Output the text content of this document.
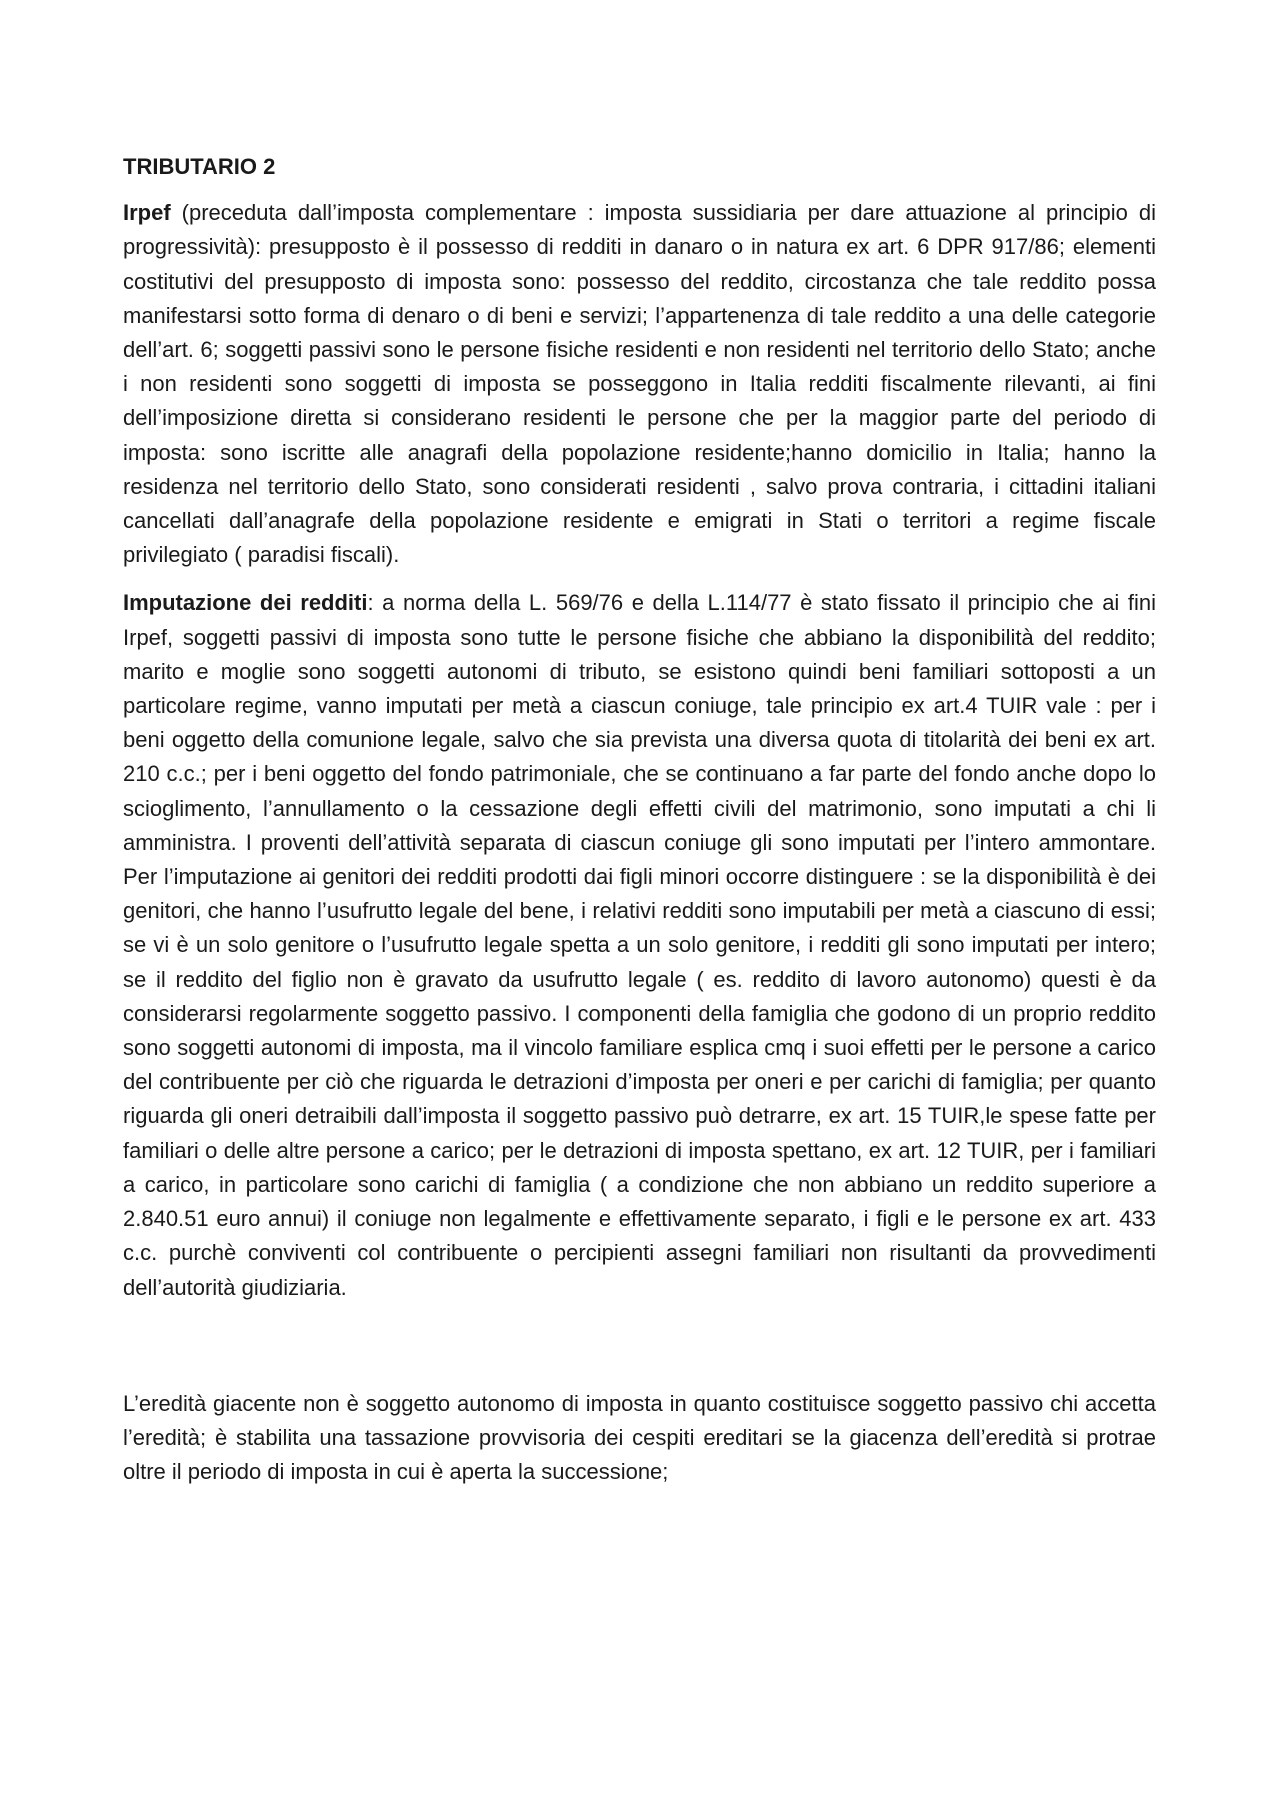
TRIBUTARIO 2

Irpef (preceduta dall’imposta complementare : imposta sussidiaria per dare attuazione al principio di progressività): presupposto è il possesso di redditi in danaro o in natura ex art. 6 DPR 917/86; elementi costitutivi del presupposto di imposta sono: possesso del reddito, circostanza che tale reddito possa manifestarsi sotto forma di denaro o di beni e servizi; l’appartenenza di tale reddito a una delle categorie dell’art. 6; soggetti passivi sono le persone fisiche residenti e non residenti nel territorio dello Stato; anche i non residenti sono soggetti di imposta se posseggono in Italia redditi fiscalmente rilevanti, ai fini dell’imposizione diretta si considerano residenti le persone che per la maggior parte del periodo di imposta: sono iscritte alle anagrafi della popolazione residente;hanno domicilio in Italia; hanno la residenza nel territorio dello Stato, sono considerati residenti , salvo prova contraria, i cittadini italiani cancellati dall’anagrafe della popolazione residente e emigrati in Stati o territori a regime fiscale privilegiato ( paradisi fiscali).

Imputazione dei redditi: a norma della L. 569/76 e della L.114/77 è stato fissato il principio che ai fini Irpef, soggetti passivi di imposta sono tutte le persone fisiche che abbiano la disponibilità del reddito; marito e moglie sono soggetti autonomi di tributo, se esistono quindi beni familiari sottoposti a un particolare regime, vanno imputati per metà a ciascun coniuge, tale principio ex art.4 TUIR vale : per i beni oggetto della comunione legale, salvo che sia prevista una diversa quota di titolarità dei beni ex art. 210 c.c.; per i beni oggetto del fondo patrimoniale, che se continuano a far parte del fondo anche dopo lo scioglimento, l’annullamento o la cessazione degli effetti civili del matrimonio, sono imputati a chi li amministra. I proventi dell’attività separata di ciascun coniuge gli sono imputati per l’intero ammontare. Per l’imputazione ai genitori dei redditi prodotti dai figli minori occorre distinguere : se la disponibilità è dei genitori, che hanno l’usufrutto legale del bene, i relativi redditi sono imputabili per metà a ciascuno di essi; se vi è un solo genitore o l’usufrutto legale spetta a un solo genitore, i redditi gli sono imputati per intero; se il reddito del figlio non è gravato da usufrutto legale ( es. reddito di lavoro autonomo) questi è da considerarsi regolarmente soggetto passivo. I componenti della famiglia che godono di un proprio reddito sono soggetti autonomi di imposta, ma il vincolo familiare esplica cmq i suoi effetti per le persone a carico del contribuente per ciò che riguarda le detrazioni d’imposta per oneri e per carichi di famiglia; per quanto riguarda gli oneri detraibili dall’imposta il soggetto passivo può detrarre, ex art. 15 TUIR,le spese fatte per familiari o delle altre persone a carico; per le detrazioni di imposta spettano, ex art. 12 TUIR, per i familiari a carico, in particolare sono carichi di famiglia ( a condizione che non abbiano un reddito superiore a 2.840.51 euro annui) il coniuge non legalmente e effettivamente separato, i figli e le persone ex art. 433 c.c. purchè conviventi col contribuente o percipienti assegni familiari non risultanti da provvedimenti dell’autorità giudiziaria.

L’eredità giacente non è soggetto autonomo di imposta in quanto costituisce soggetto passivo chi accetta l’eredità; è stabilita una tassazione provvisoria dei cespiti ereditari se la giacenza dell’eredità si protrae oltre il periodo di imposta in cui è aperta la successione;
